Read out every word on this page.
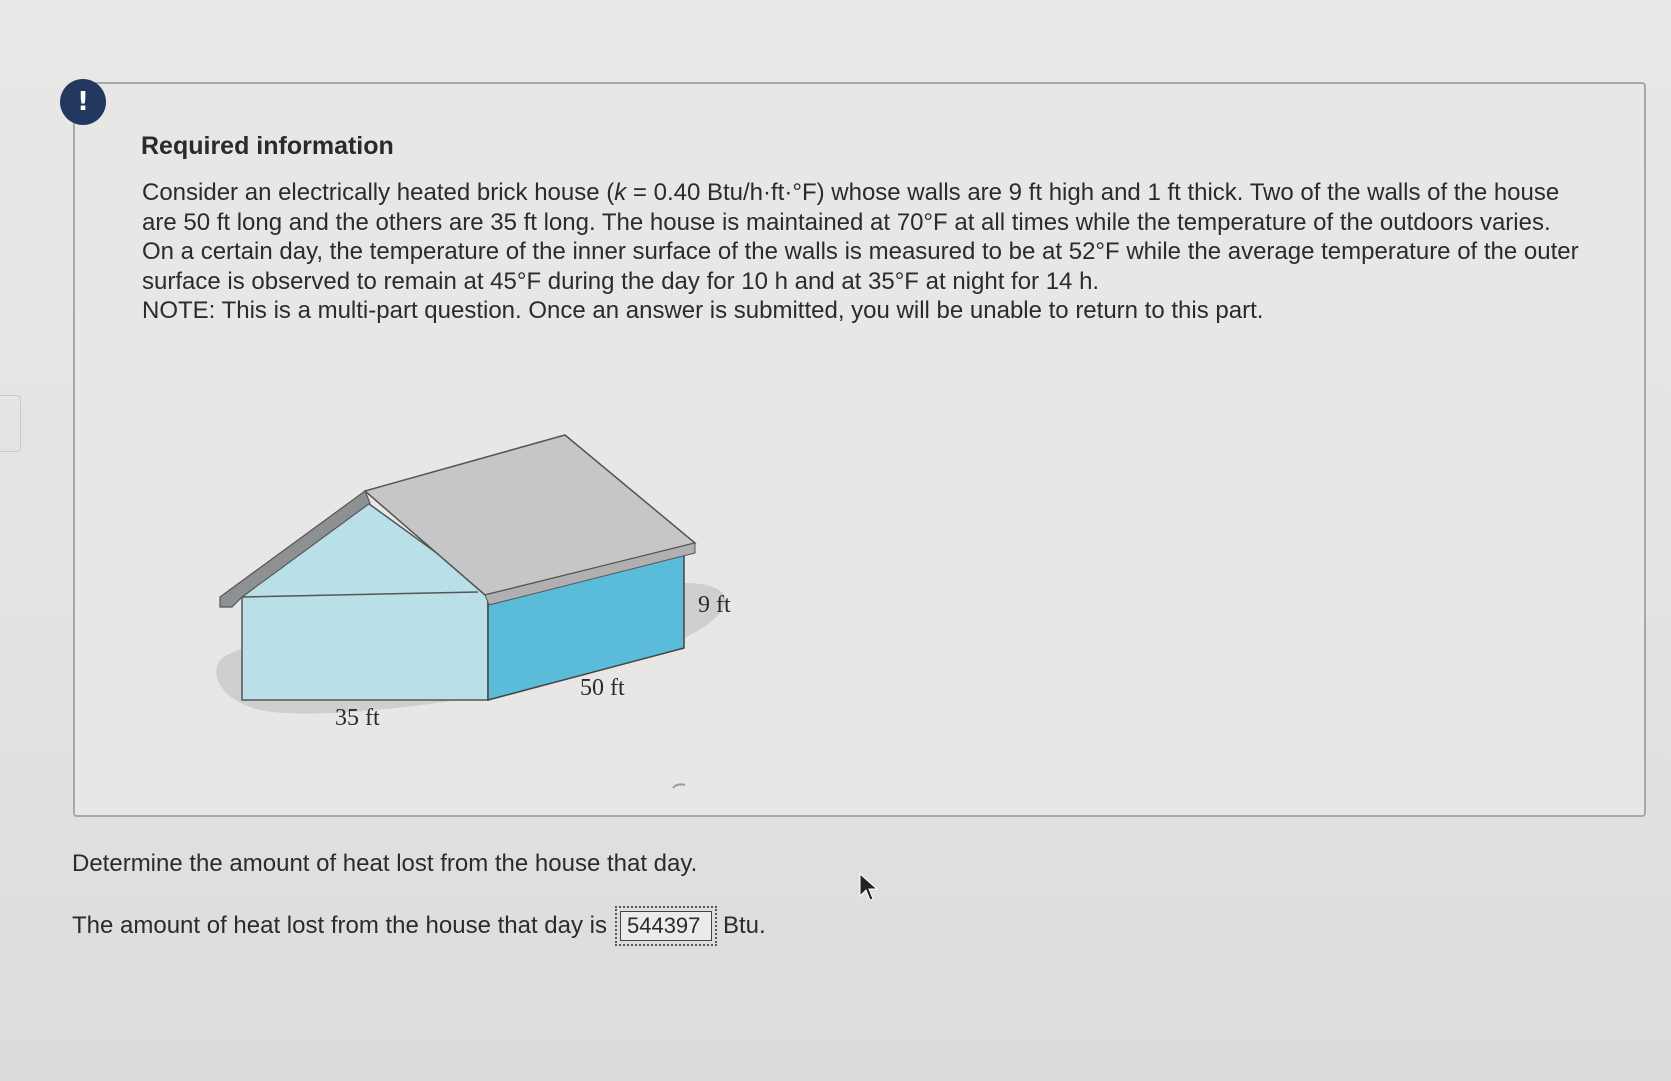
!
Required information

Consider an electrically heated brick house (k = 0.40 Btu/h·ft·°F) whose walls are 9 ft high and 1 ft thick. Two of the walls of the house are 50 ft long and the others are 35 ft long. The house is maintained at 70°F at all times while the temperature of the outdoors varies. On a certain day, the temperature of the inner surface of the walls is measured to be at 52°F while the average temperature of the outer surface is observed to remain at 45°F during the day for 10 h and at 35°F at night for 14 h.

NOTE: This is a multi-part question. Once an answer is submitted, you will be unable to return to this part.

9 ft
50 ft
35 ft
Determine the amount of heat lost from the house that day.
The amount of heat lost from the house that day is
544397	Btu.
